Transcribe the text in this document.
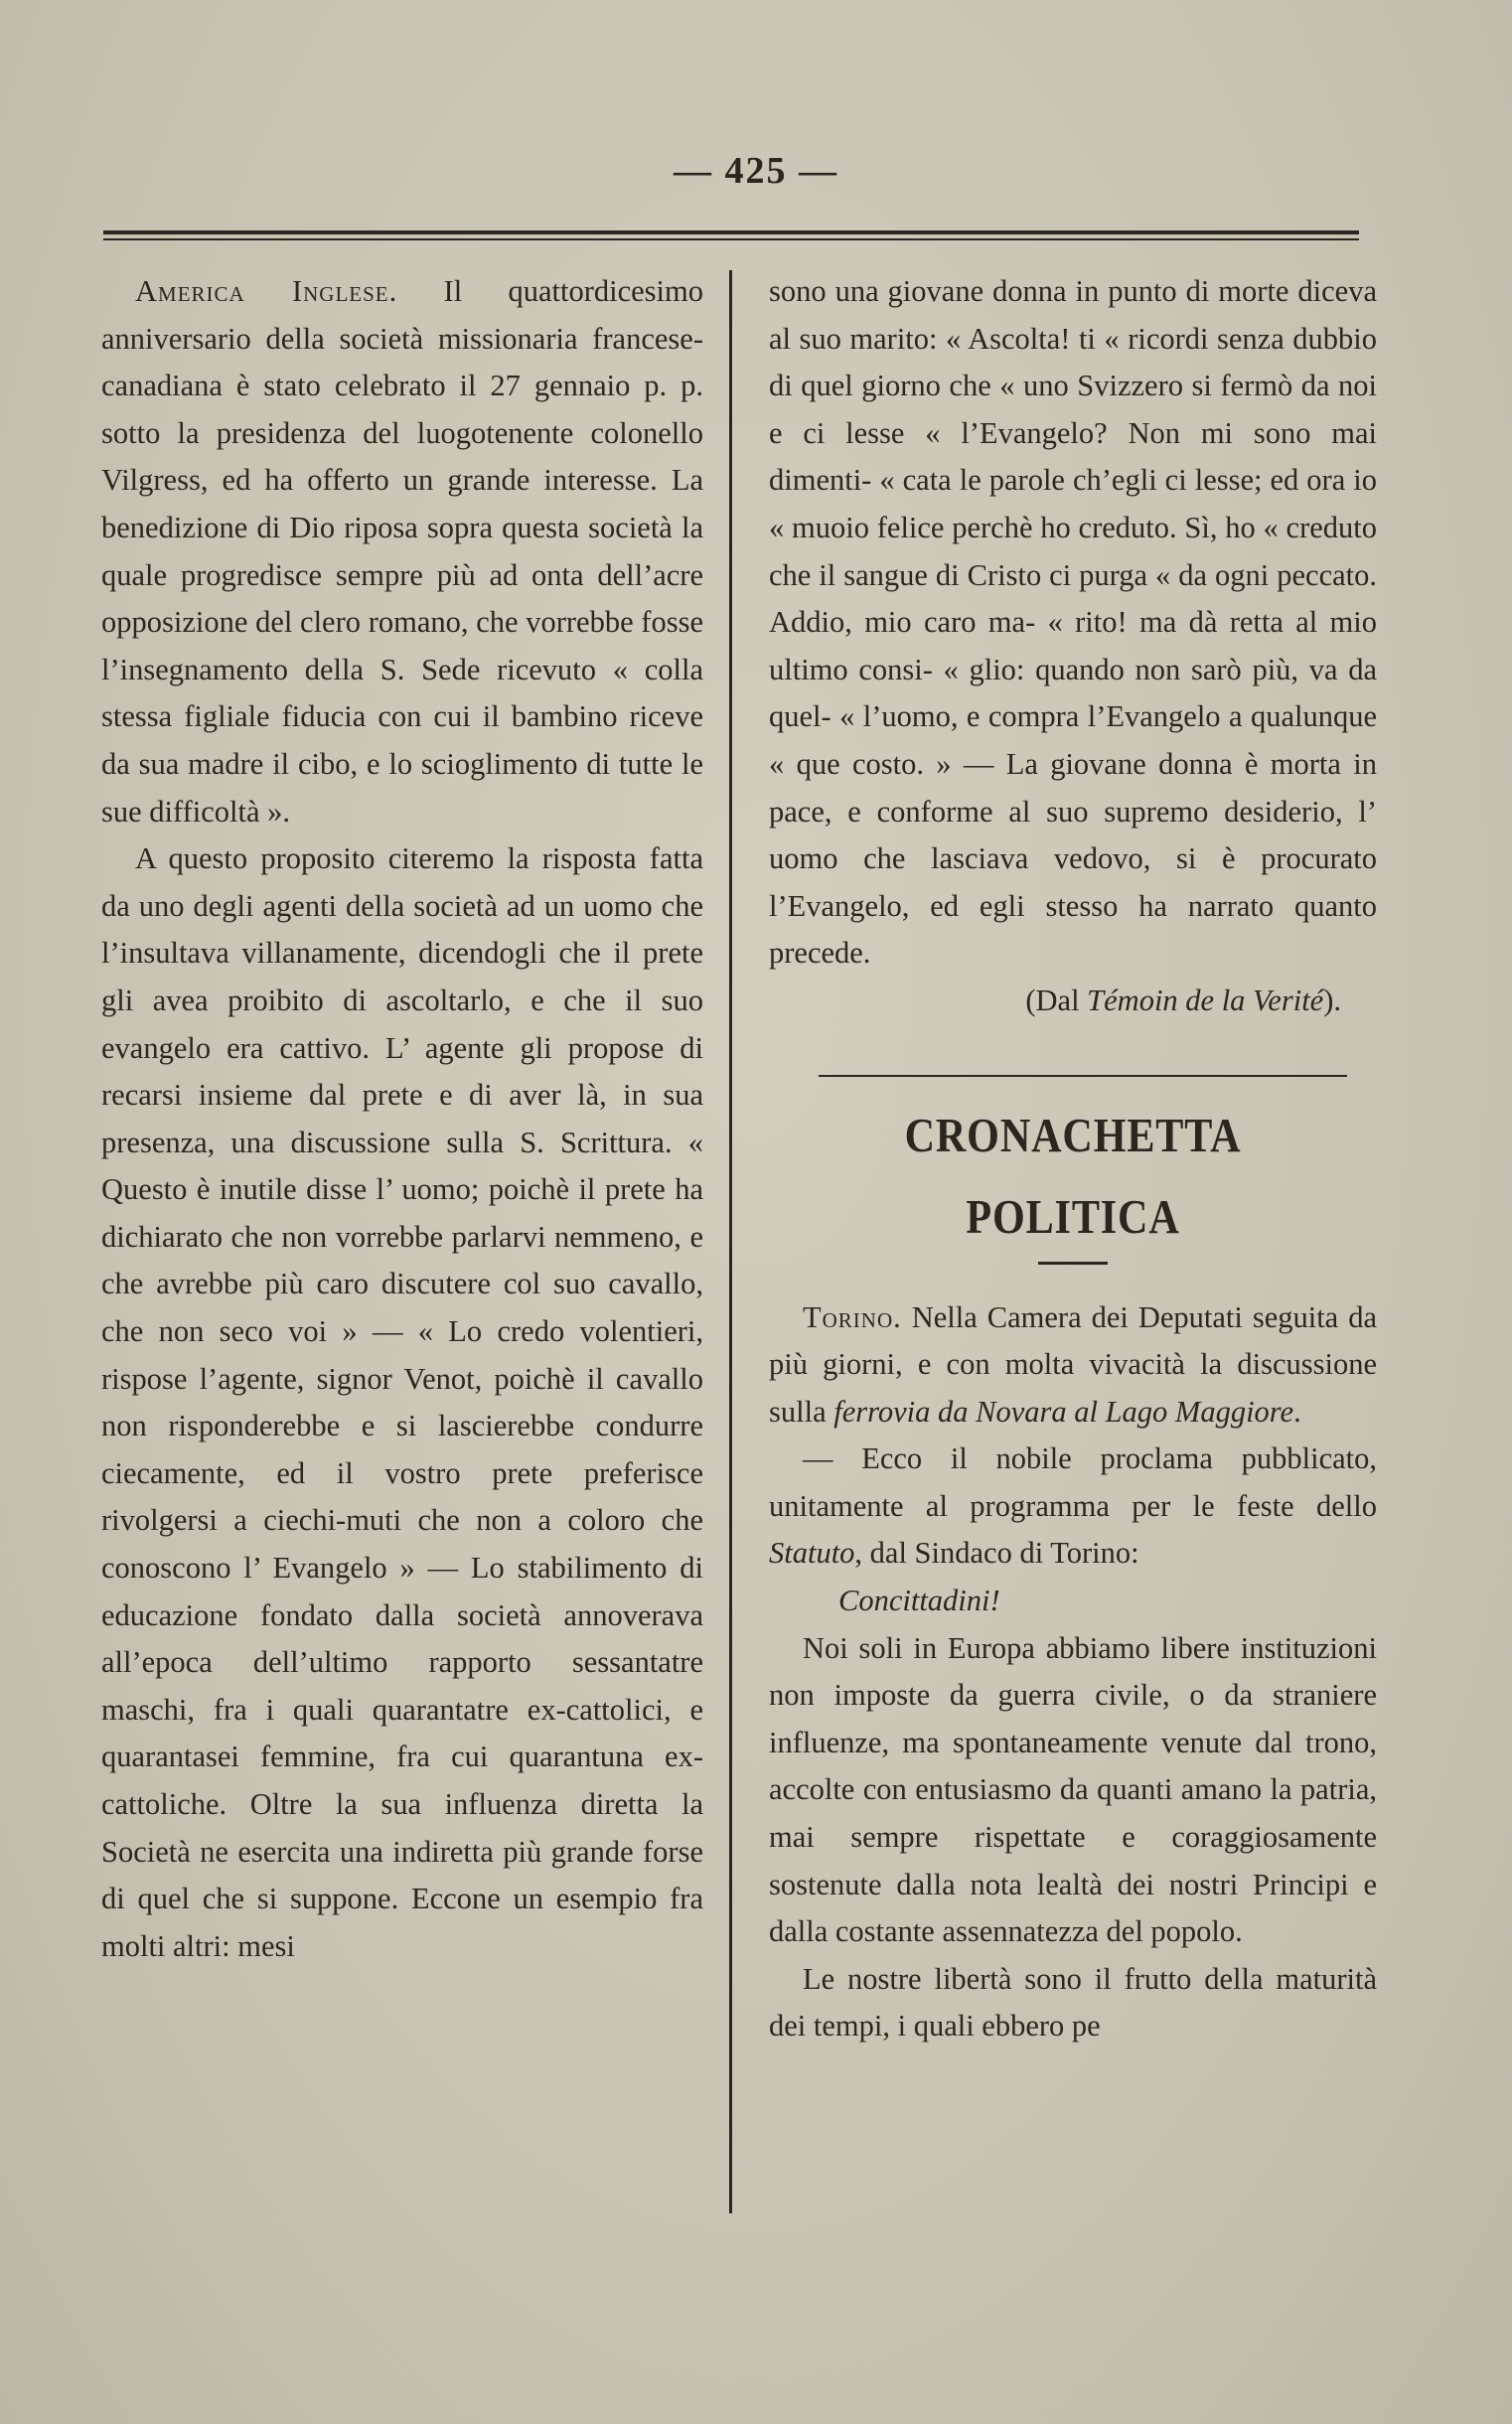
— 425 —

America Inglese. Il quattordicesimo anniversario della società missionaria francese-canadiana è stato celebrato il 27 gennaio p. p. sotto la presidenza del luogotenente colonello Vilgress, ed ha offerto un grande interesse. La benedizione di Dio riposa sopra questa società la quale progredisce sempre più ad onta dell’acre opposizione del clero romano, che vorrebbe fosse l’insegnamento della S. Sede ricevuto « colla stessa figliale fiducia con cui il bambino riceve da sua madre il cibo, e lo scioglimento di tutte le sue difficoltà ».

A questo proposito citeremo la risposta fatta da uno degli agenti della società ad un uomo che l’insultava villanamente, dicendogli che il prete gli avea proibito di ascoltarlo, e che il suo evangelo era cattivo. L’ agente gli propose di recarsi insieme dal prete e di aver là, in sua presenza, una discussione sulla S. Scrittura. « Questo è inutile disse l’ uomo; poichè il prete ha dichiarato che non vorrebbe parlarvi nemmeno, e che avrebbe più caro discutere col suo cavallo, che non seco voi » — « Lo credo volentieri, rispose l’agente, signor Venot, poichè il cavallo non risponderebbe e si lascierebbe condurre ciecamente, ed il vostro prete preferisce rivolgersi a ciechi-muti che non a coloro che conoscono l’ Evangelo » — Lo stabilimento di educazione fondato dalla società annoverava all’epoca dell’ultimo rapporto sessantatre maschi, fra i quali quarantatre ex-cattolici, e quarantasei femmine, fra cui quarantuna ex-cattoliche. Oltre la sua influenza diretta la Società ne esercita una indiretta più grande forse di quel che si suppone. Eccone un esempio fra molti altri: mesi

sono una giovane donna in punto di morte diceva al suo marito: « Ascolta! ti « ricordi senza dubbio di quel giorno che « uno Svizzero si fermò da noi e ci lesse « l’Evangelo? Non mi sono mai dimenti- « cata le parole ch’egli ci lesse; ed ora io « muoio felice perchè ho creduto. Sì, ho « creduto che il sangue di Cristo ci purga « da ogni peccato. Addio, mio caro ma- « rito! ma dà retta al mio ultimo consi- « glio: quando non sarò più, va da quel- « l’uomo, e compra l’Evangelo a qualunque « que costo. » — La giovane donna è morta in pace, e conforme al suo supremo desiderio, l’ uomo che lasciava vedovo, si è procurato l’Evangelo, ed egli stesso ha narrato quanto precede.

(Dal Témoin de la Verité).

CRONACHETTA POLITICA

Torino. Nella Camera dei Deputati seguita da più giorni, e con molta vivacità la discussione sulla ferrovia da Novara al Lago Maggiore.

— Ecco il nobile proclama pubblicato, unitamente al programma per le feste dello Statuto, dal Sindaco di Torino:

Concittadini!

Noi soli in Europa abbiamo libere instituzioni non imposte da guerra civile, o da straniere influenze, ma spontaneamente venute dal trono, accolte con entusiasmo da quanti amano la patria, mai sempre rispettate e coraggiosamente sostenute dalla nota lealtà dei nostri Principi e dalla costante assennatezza del popolo.

Le nostre libertà sono il frutto della maturità dei tempi, i quali ebbero pe
